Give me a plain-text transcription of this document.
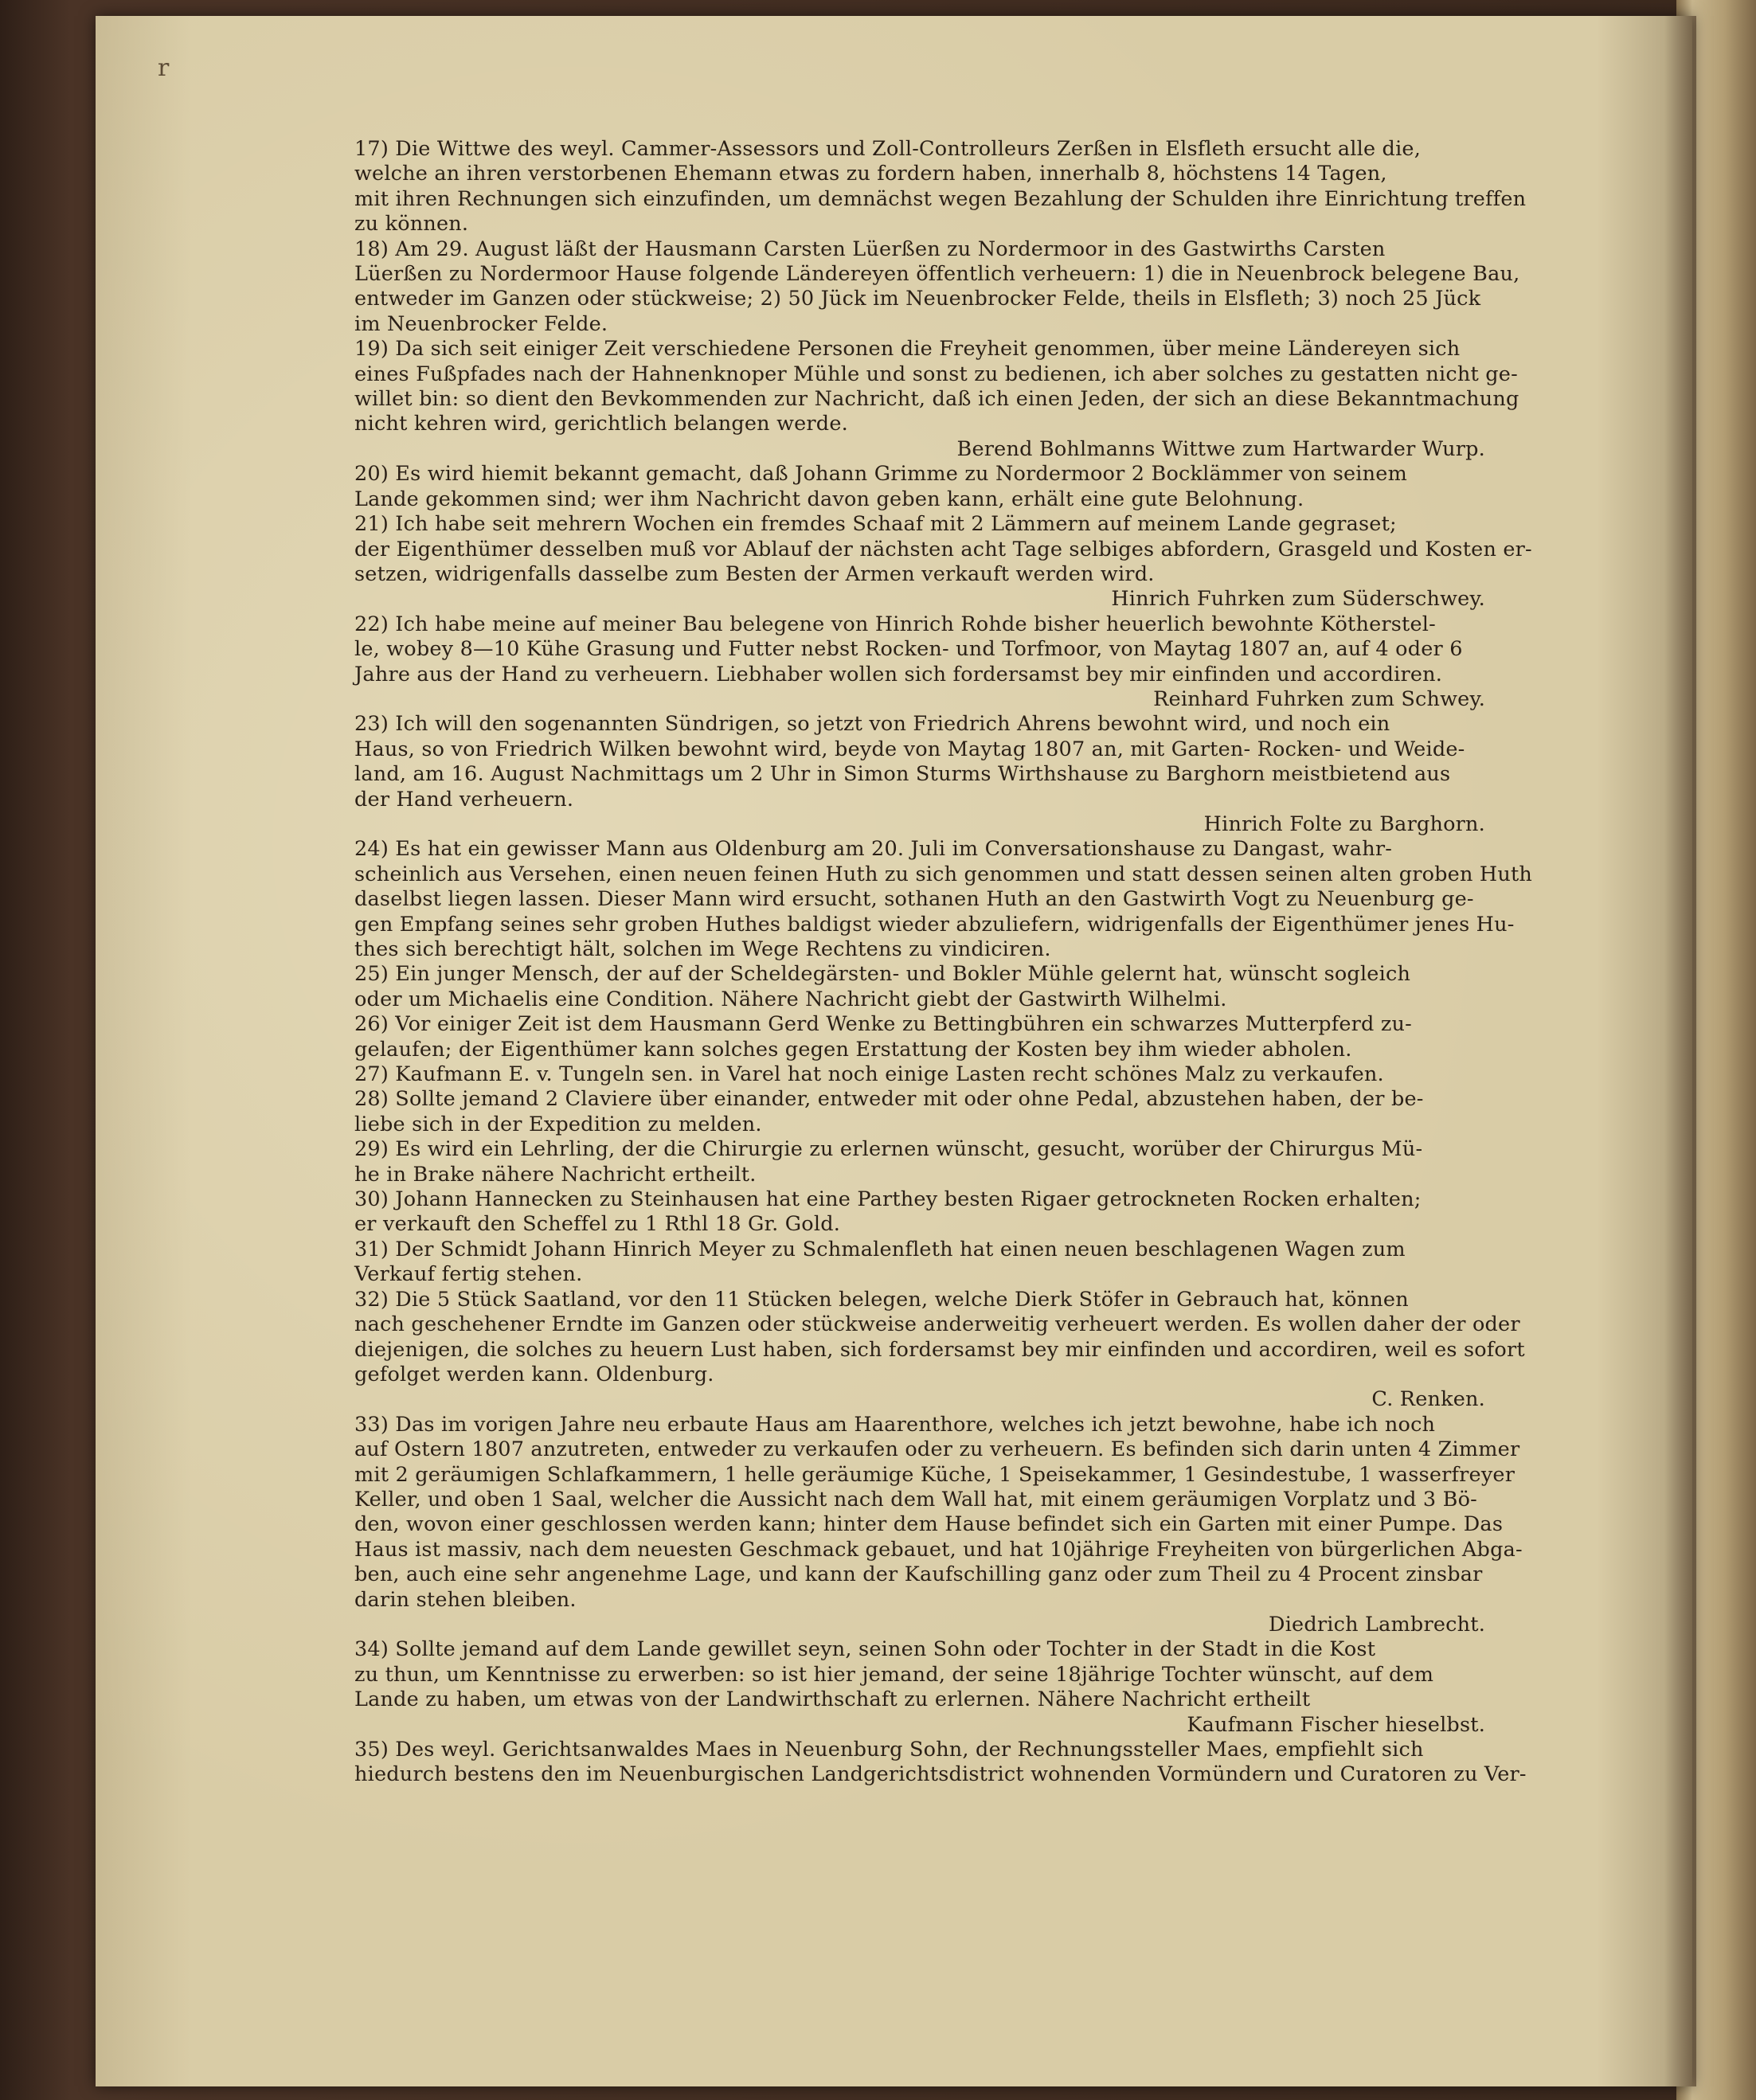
r
17) Die Wittwe des weyl. Cammer-Assessors und Zoll-Controlleurs Zerßen in Elsfleth ersucht alle die,
welche an ihren verstorbenen Ehemann etwas zu fordern haben, innerhalb 8, höchstens 14 Tagen,
mit ihren Rechnungen sich einzufinden, um demnächst wegen Bezahlung der Schulden ihre Einrichtung treffen
zu können.
18) Am 29. August läßt der Hausmann Carsten Lüerßen zu Nordermoor in des Gastwirths Carsten
Lüerßen zu Nordermoor Hause folgende Ländereyen öffentlich verheuern: 1) die in Neuenbrock belegene Bau,
entweder im Ganzen oder stückweise; 2) 50 Jück im Neuenbrocker Felde, theils in Elsfleth; 3) noch 25 Jück
im Neuenbrocker Felde.
19) Da sich seit einiger Zeit verschiedene Personen die Freyheit genommen, über meine Ländereyen sich
eines Fußpfades nach der Hahnenknoper Mühle und sonst zu bedienen, ich aber solches zu gestatten nicht ge-
willet bin: so dient den Bevkommenden zur Nachricht, daß ich einen Jeden, der sich an diese Bekanntmachung
nicht kehren wird, gerichtlich belangen werde.
Berend Bohlmanns Wittwe zum Hartwarder Wurp.
20) Es wird hiemit bekannt gemacht, daß Johann Grimme zu Nordermoor 2 Bocklämmer von seinem
Lande gekommen sind; wer ihm Nachricht davon geben kann, erhält eine gute Belohnung.
21) Ich habe seit mehrern Wochen ein fremdes Schaaf mit 2 Lämmern auf meinem Lande gegraset;
der Eigenthümer desselben muß vor Ablauf der nächsten acht Tage selbiges abfordern, Grasgeld und Kosten er-
setzen, widrigenfalls dasselbe zum Besten der Armen verkauft werden wird.
Hinrich Fuhrken zum Süderschwey.
22) Ich habe meine auf meiner Bau belegene von Hinrich Rohde bisher heuerlich bewohnte Kötherstel-
le, wobey 8—10 Kühe Grasung und Futter nebst Rocken- und Torfmoor, von Maytag 1807 an, auf 4 oder 6
Jahre aus der Hand zu verheuern. Liebhaber wollen sich fordersamst bey mir einfinden und accordiren.
Reinhard Fuhrken zum Schwey.
23) Ich will den sogenannten Sündrigen, so jetzt von Friedrich Ahrens bewohnt wird, und noch ein
Haus, so von Friedrich Wilken bewohnt wird, beyde von Maytag 1807 an, mit Garten- Rocken- und Weide-
land, am 16. August Nachmittags um 2 Uhr in Simon Sturms Wirthshause zu Barghorn meistbietend aus
der Hand verheuern.
Hinrich Folte zu Barghorn.
24) Es hat ein gewisser Mann aus Oldenburg am 20. Juli im Conversationshause zu Dangast, wahr-
scheinlich aus Versehen, einen neuen feinen Huth zu sich genommen und statt dessen seinen alten groben Huth
daselbst liegen lassen. Dieser Mann wird ersucht, sothanen Huth an den Gastwirth Vogt zu Neuenburg ge-
gen Empfang seines sehr groben Huthes baldigst wieder abzuliefern, widrigenfalls der Eigenthümer jenes Hu-
thes sich berechtigt hält, solchen im Wege Rechtens zu vindiciren.
25) Ein junger Mensch, der auf der Scheldegärsten- und Bokler Mühle gelernt hat, wünscht sogleich
oder um Michaelis eine Condition. Nähere Nachricht giebt der Gastwirth Wilhelmi.
26) Vor einiger Zeit ist dem Hausmann Gerd Wenke zu Bettingbühren ein schwarzes Mutterpferd zu-
gelaufen; der Eigenthümer kann solches gegen Erstattung der Kosten bey ihm wieder abholen.
27) Kaufmann E. v. Tungeln sen. in Varel hat noch einige Lasten recht schönes Malz zu verkaufen.
28) Sollte jemand 2 Claviere über einander, entweder mit oder ohne Pedal, abzustehen haben, der be-
liebe sich in der Expedition zu melden.
29) Es wird ein Lehrling, der die Chirurgie zu erlernen wünscht, gesucht, worüber der Chirurgus Mü-
he in Brake nähere Nachricht ertheilt.
30) Johann Hannecken zu Steinhausen hat eine Parthey besten Rigaer getrockneten Rocken erhalten;
er verkauft den Scheffel zu 1 Rthl 18 Gr. Gold.
31) Der Schmidt Johann Hinrich Meyer zu Schmalenfleth hat einen neuen beschlagenen Wagen zum
Verkauf fertig stehen.
32) Die 5 Stück Saatland, vor den 11 Stücken belegen, welche Dierk Stöfer in Gebrauch hat, können
nach geschehener Erndte im Ganzen oder stückweise anderweitig verheuert werden. Es wollen daher der oder
diejenigen, die solches zu heuern Lust haben, sich fordersamst bey mir einfinden und accordiren, weil es sofort
gefolget werden kann. Oldenburg.
C. Renken.
33) Das im vorigen Jahre neu erbaute Haus am Haarenthore, welches ich jetzt bewohne, habe ich noch
auf Ostern 1807 anzutreten, entweder zu verkaufen oder zu verheuern. Es befinden sich darin unten 4 Zimmer
mit 2 geräumigen Schlafkammern, 1 helle geräumige Küche, 1 Speisekammer, 1 Gesindestube, 1 wasserfreyer
Keller, und oben 1 Saal, welcher die Aussicht nach dem Wall hat, mit einem geräumigen Vorplatz und 3 Bö-
den, wovon einer geschlossen werden kann; hinter dem Hause befindet sich ein Garten mit einer Pumpe. Das
Haus ist massiv, nach dem neuesten Geschmack gebauet, und hat 10jährige Freyheiten von bürgerlichen Abga-
ben, auch eine sehr angenehme Lage, und kann der Kaufschilling ganz oder zum Theil zu 4 Procent zinsbar
darin stehen bleiben.
Diedrich Lambrecht.
34) Sollte jemand auf dem Lande gewillet seyn, seinen Sohn oder Tochter in der Stadt in die Kost
zu thun, um Kenntnisse zu erwerben: so ist hier jemand, der seine 18jährige Tochter wünscht, auf dem
Lande zu haben, um etwas von der Landwirthschaft zu erlernen. Nähere Nachricht ertheilt
Kaufmann Fischer hieselbst.
35) Des weyl. Gerichtsanwaldes Maes in Neuenburg Sohn, der Rechnungssteller Maes, empfiehlt sich
hiedurch bestens den im Neuenburgischen Landgerichtsdistrict wohnenden Vormündern und Curatoren zu Ver-
